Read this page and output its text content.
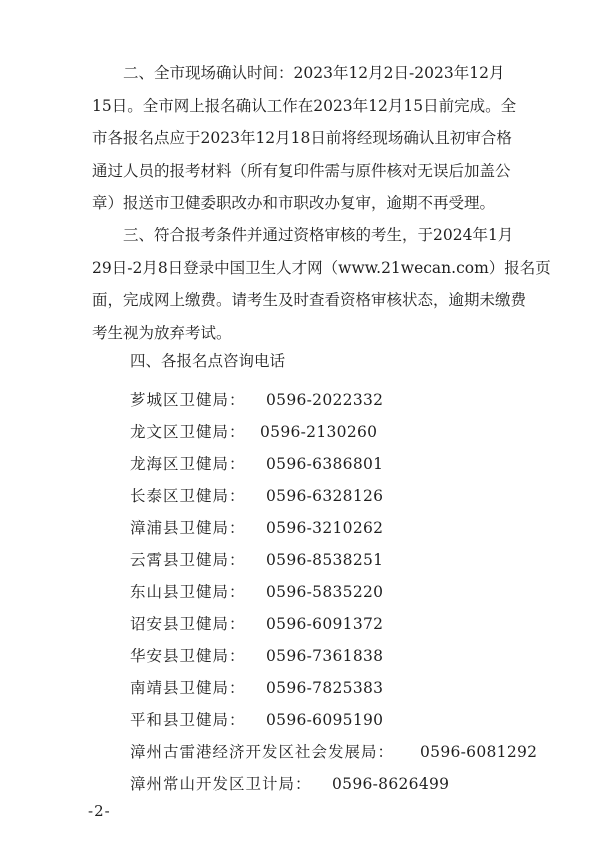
　　二、全市现场确认时间：2023年12月2日-2023年12月
15日。全市网上报名确认工作在2023年12月15日前完成。全
市各报名点应于2023年12月18日前将经现场确认且初审合格
通过人员的报考材料（所有复印件需与原件核对无误后加盖公
章）报送市卫健委职改办和市职改办复审，逾期不再受理。
　　三、符合报考条件并通过资格审核的考生，于2024年1月
29日-2月8日登录中国卫生人才网（www.21wecan.com）报名页
面，完成网上缴费。请考生及时查看资格审核状态，逾期未缴费
考生视为放弃考试。
四、各报名点咨询电话
芗城区卫健局： 0596-2022332
龙文区卫健局： 0596-2130260
龙海区卫健局： 0596-6386801
长泰区卫健局： 0596-6328126
漳浦县卫健局： 0596-3210262
云霄县卫健局： 0596-8538251
东山县卫健局： 0596-5835220
诏安县卫健局： 0596-6091372
华安县卫健局： 0596-7361838
南靖县卫健局： 0596-7825383
平和县卫健局： 0596-6095190
漳州古雷港经济开发区社会发展局： 0596-6081292
漳州常山开发区卫计局： 0596-8626499
-2-
